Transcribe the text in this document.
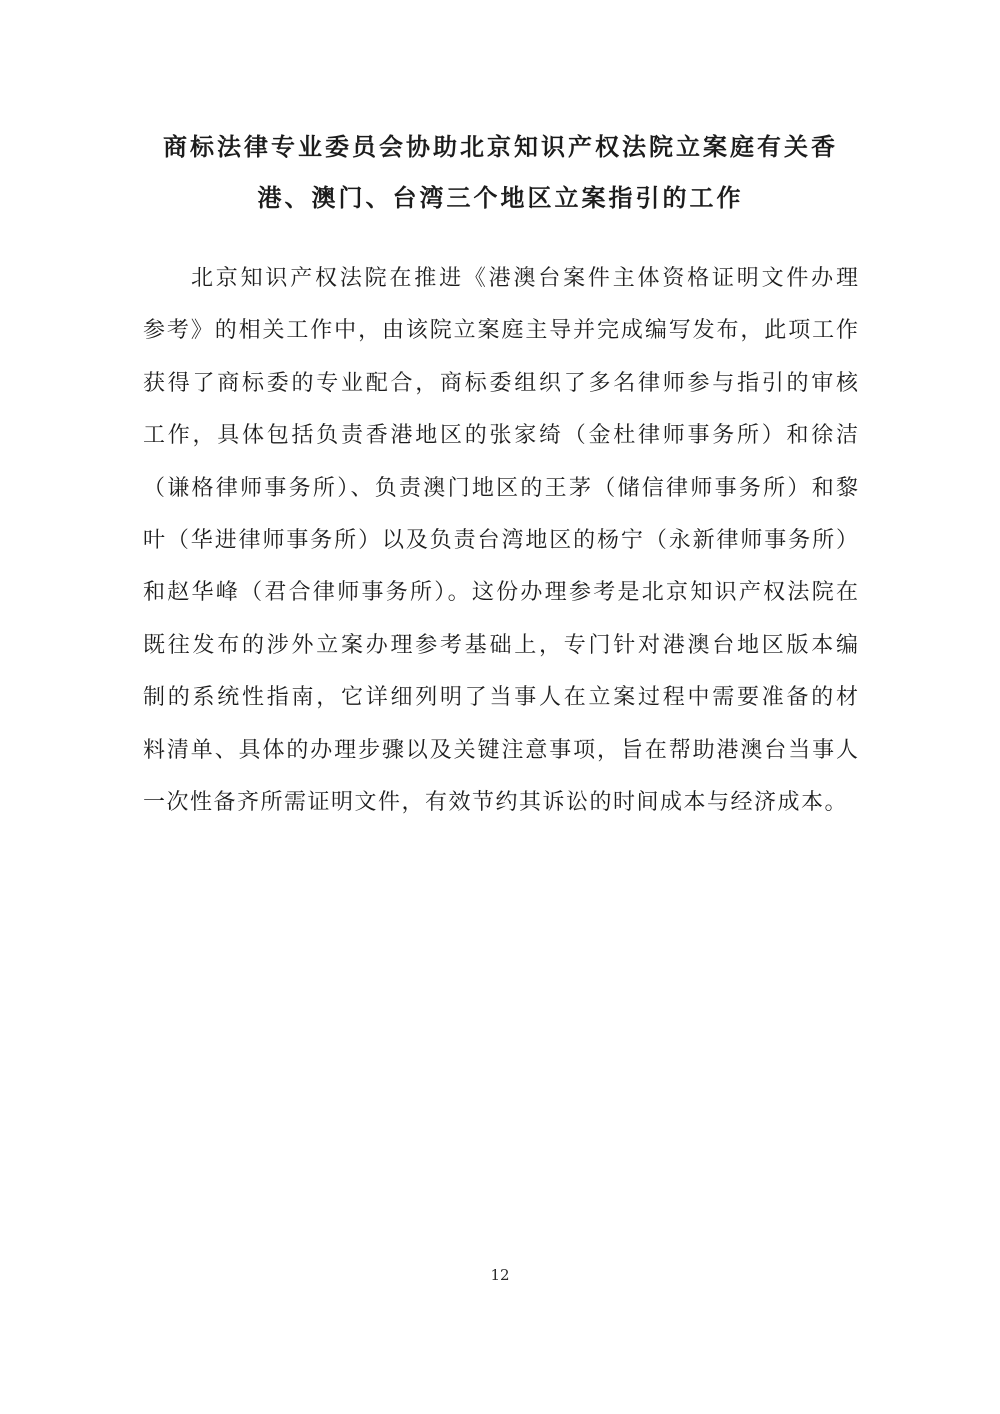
商标法律专业委员会协助北京知识产权法院立案庭有关香
港、澳门、台湾三个地区立案指引的工作
北京知识产权法院在推进《港澳台案件主体资格证明文件办理
参考》的相关工作中，由该院立案庭主导并完成编写发布，此项工作
获得了商标委的专业配合，商标委组织了多名律师参与指引的审核
工作，具体包括负责香港地区的张家绮（金杜律师事务所）和徐洁
（谦格律师事务所）、负责澳门地区的王茅（储信律师事务所）和黎
叶（华进律师事务所）以及负责台湾地区的杨宁（永新律师事务所）
和赵华峰（君合律师事务所）。这份办理参考是北京知识产权法院在
既往发布的涉外立案办理参考基础上，专门针对港澳台地区版本编
制的系统性指南，它详细列明了当事人在立案过程中需要准备的材
料清单、具体的办理步骤以及关键注意事项，旨在帮助港澳台当事人
一次性备齐所需证明文件，有效节约其诉讼的时间成本与经济成本。
12
